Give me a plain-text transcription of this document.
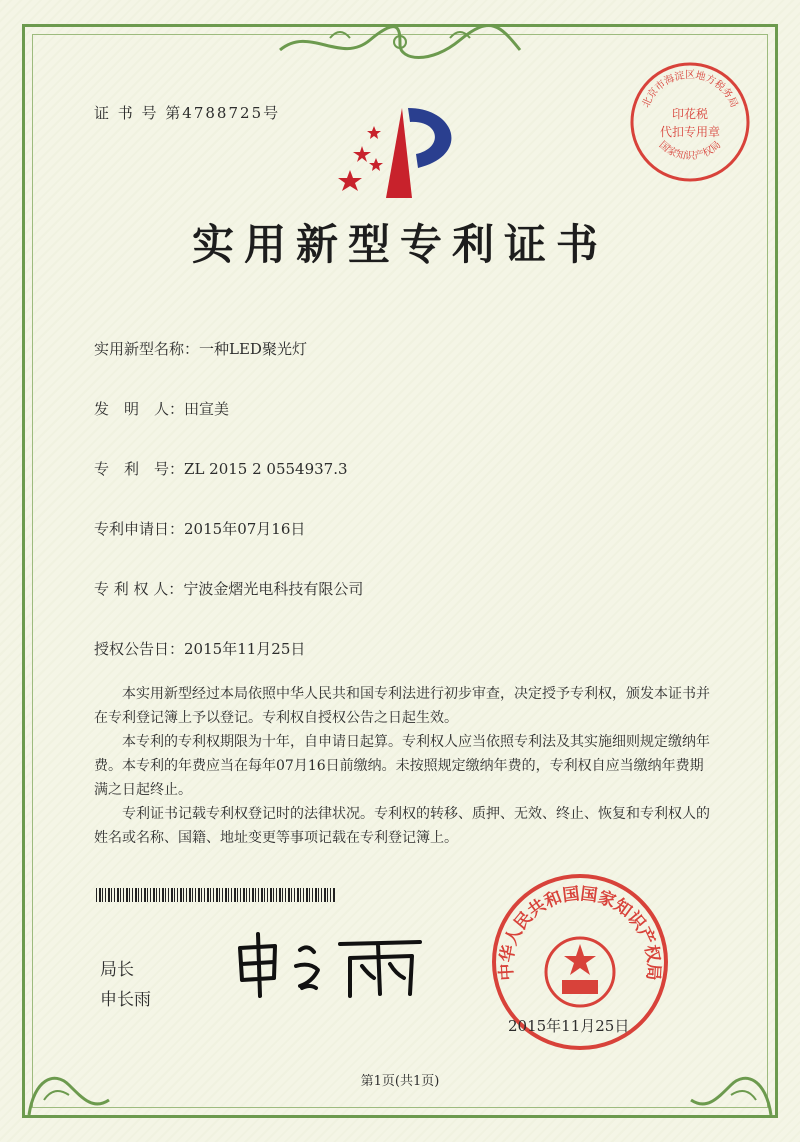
证 书 号 第4788725号
实用新型专利证书
北京市海淀区地方税务局
印花税
代扣专用章
国家知识产权局
实用新型名称：一种LED聚光灯
发　明　人：田宣美
专　利　号：ZL 2015 2 0554937.3
专利申请日：2015年07月16日
专 利 权 人：宁波金熠光电科技有限公司
授权公告日：2015年11月25日

本实用新型经过本局依照中华人民共和国专利法进行初步审查，决定授予专利权，颁发本证书并在专利登记簿上予以登记。专利权自授权公告之日起生效。

本专利的专利权期限为十年，自申请日起算。专利权人应当依照专利法及其实施细则规定缴纳年费。本专利的年费应当在每年07月16日前缴纳。未按照规定缴纳年费的，专利权自应当缴纳年费期满之日起终止。

专利证书记载专利权登记时的法律状况。专利权的转移、质押、无效、终止、恢复和专利权人的姓名或名称、国籍、地址变更等事项记载在专利登记簿上。

局长
申长雨
中华人民共和国国家知识产权局
2015年11月25日
第1页(共1页)
